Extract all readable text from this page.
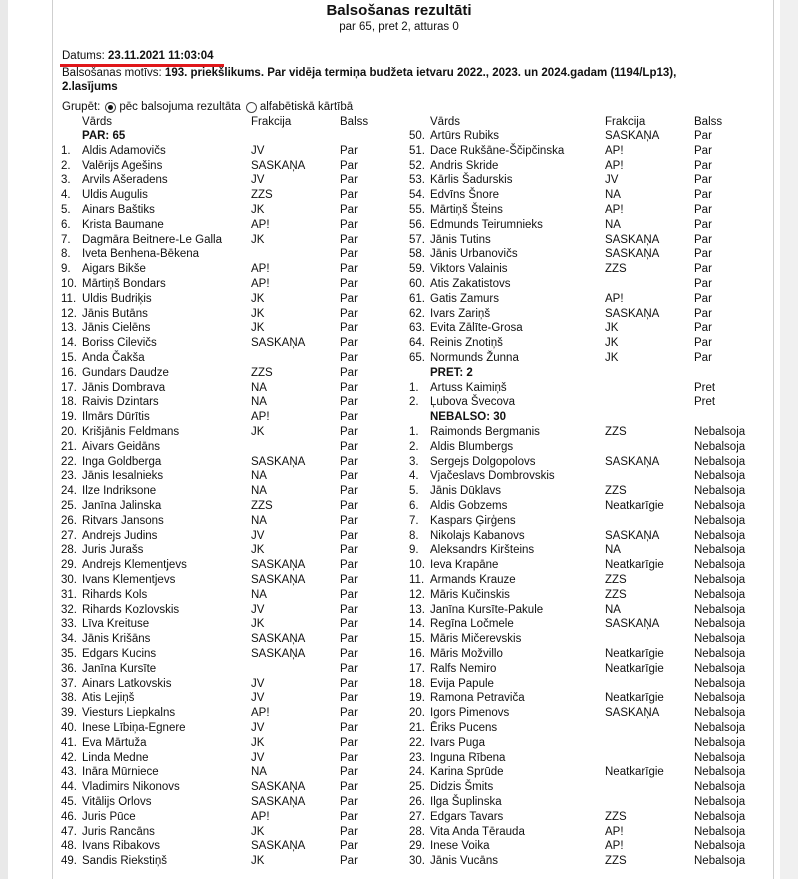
Balsošanas rezultāti
par 65, pret 2, atturas 0
Datums: 23.11.2021 11:03:04
Balsošanas motīvs: 193. priekšlikums. Par vidēja termiņa budžeta ietvaru 2022., 2023. un 2024.gadam (1194/Lp13), 2.lasījums
Grupēt: pēc balsojuma rezultāta alfabētiskā kārtībā
Vārds	Frakcija	Balss	Vārds	Frakcija	Balss
PAR: 65
1. Aldis Adamovičs	JV	Par
2. Valērijs Agešins	SASKAŅA	Par
3. Arvils Ašeradens	JV	Par
4. Uldis Augulis	ZZS	Par
5. Ainars Baštiks	JK	Par
6. Krista Baumane	AP!	Par
7. Dagmāra Beitnere-Le Galla	JK	Par
8. Iveta Benhena-Bēkena	Par
9. Aigars Bikše	AP!	Par
10. Mārtiņš Bondars	AP!	Par
11. Uldis Budriķis	JK	Par
12. Jānis Butāns	JK	Par
13. Jānis Cielēns	JK	Par
14. Boriss Cilevičs	SASKAŅA	Par
15. Anda Čakša	Par
16. Gundars Daudze	ZZS	Par
17. Jānis Dombrava	NA	Par
18. Raivis Dzintars	NA	Par
19. Ilmārs Dūrītis	AP!	Par
20. Krišjānis Feldmans	JK	Par
21. Aivars Geidāns	Par
22. Inga Goldberga	SASKAŅA	Par
23. Jānis Iesalnieks	NA	Par
24. Ilze Indriksone	NA	Par
25. Janīna Jalinska	ZZS	Par
26. Ritvars Jansons	NA	Par
27. Andrejs Judins	JV	Par
28. Juris Jurašs	JK	Par
29. Andrejs Klementjevs	SASKAŅA	Par
30. Ivans Klementjevs	SASKAŅA	Par
31. Rihards Kols	NA	Par
32. Rihards Kozlovskis	JV	Par
33. Līva Kreituse	JK	Par
34. Jānis Krišāns	SASKAŅA	Par
35. Edgars Kucins	SASKAŅA	Par
36. Janīna Kursīte	Par
37. Ainars Latkovskis	JV	Par
38. Atis Lejiņš	JV	Par
39. Viesturs Liepkalns	AP!	Par
40. Inese Lībiņa-Egnere	JV	Par
41. Eva Mārtuža	JK	Par
42. Linda Medne	JV	Par
43. Ināra Mūrniece	NA	Par
44. Vladimirs Nikonovs	SASKAŅA	Par
45. Vitālijs Orlovs	SASKAŅA	Par
46. Juris Pūce	AP!	Par
47. Juris Rancāns	JK	Par
48. Ivans Ribakovs	SASKAŅA	Par
49. Sandis Riekstiņš	JK	Par
50. Artūrs Rubiks	SASKAŅA	Par
51. Dace Rukšāne-Ščipčinska	AP!	Par
52. Andris Skride	AP!	Par
53. Kārlis Šadurskis	JV	Par
54. Edvīns Šnore	NA	Par
55. Mārtiņš Šteins	AP!	Par
56. Edmunds Teirumnieks	NA	Par
57. Jānis Tutins	SASKAŅA	Par
58. Jānis Urbanovičs	SASKAŅA	Par
59. Viktors Valainis	ZZS	Par
60. Atis Zakatistovs	Par
61. Gatis Zamurs	AP!	Par
62. Ivars Zariņš	SASKAŅA	Par
63. Evita Zālīte-Grosa	JK	Par
64. Reinis Znotiņš	JK	Par
65. Normunds Žunna	JK	Par
PRET: 2
1. Artuss Kaimiņš	Pret
2. Ļubova Švecova	Pret
NEBALSO: 30
1. Raimonds Bergmanis	ZZS	Nebalsoja
2. Aldis Blumbergs	Nebalsoja
3. Sergejs Dolgopolovs	SASKAŅA	Nebalsoja
4. Vjačeslavs Dombrovskis	Nebalsoja
5. Jānis Dūklavs	ZZS	Nebalsoja
6. Aldis Gobzems	Neatkarīgie	Nebalsoja
7. Kaspars Ģirģens	Nebalsoja
8. Nikolajs Kabanovs	SASKAŅA	Nebalsoja
9. Aleksandrs Kiršteins	NA	Nebalsoja
10. Ieva Krapāne	Neatkarīgie	Nebalsoja
11. Armands Krauze	ZZS	Nebalsoja
12. Māris Kučinskis	ZZS	Nebalsoja
13. Janīna Kursīte-Pakule	NA	Nebalsoja
14. Regīna Ločmele	SASKAŅA	Nebalsoja
15. Māris Mičerevskis	Nebalsoja
16. Māris Možvillo	Neatkarīgie	Nebalsoja
17. Ralfs Nemiro	Neatkarīgie	Nebalsoja
18. Evija Papule	Nebalsoja
19. Ramona Petraviča	Neatkarīgie	Nebalsoja
20. Igors Pimenovs	SASKAŅA	Nebalsoja
21. Ēriks Pucens	Nebalsoja
22. Ivars Puga	Nebalsoja
23. Inguna Rībena	Nebalsoja
24. Karina Sprūde	Neatkarīgie	Nebalsoja
25. Didzis Šmits	Nebalsoja
26. Ilga Šuplinska	Nebalsoja
27. Edgars Tavars	ZZS	Nebalsoja
28. Vita Anda Tērauda	AP!	Nebalsoja
29. Inese Voika	AP!	Nebalsoja
30. Jānis Vucāns	ZZS	Nebalsoja
